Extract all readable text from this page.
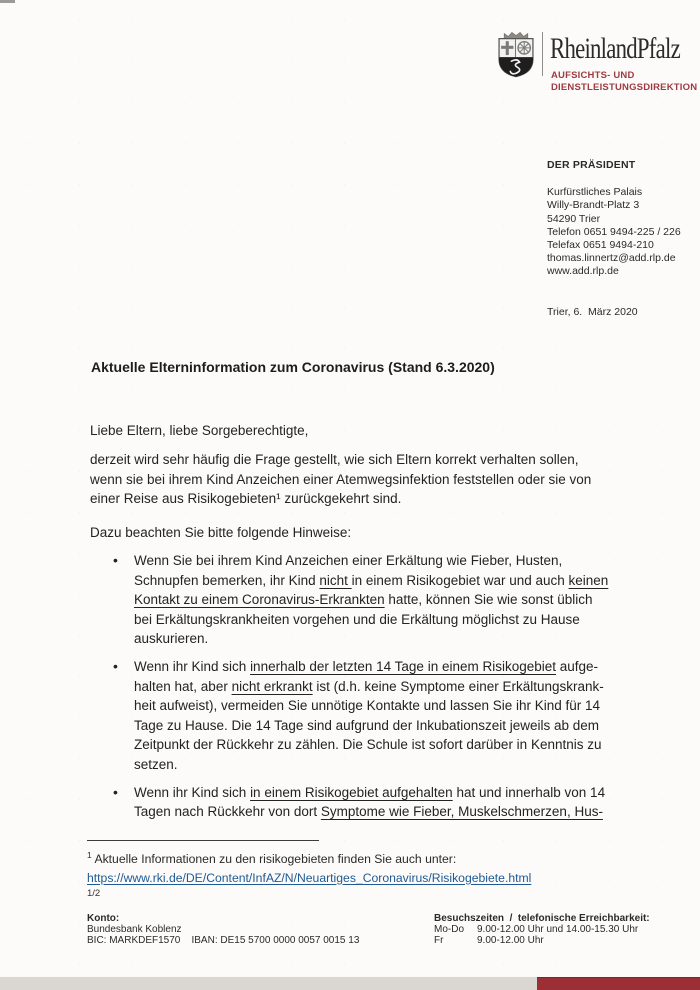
RheinlandPfalz
AUFSICHTS- UND
DIENSTLEISTUNGSDIREKTION
DER PRÄSIDENT
Kurfürstliches Palais
Willy-Brandt-Platz 3
54290 Trier
Telefon 0651 9494-225 / 226
Telefax 0651 9494-210
thomas.linnertz@add.rlp.de
www.add.rlp.de
Trier, 6.  März 2020
Aktuelle Elterninformation zum Coronavirus (Stand 6.3.2020)
Liebe Eltern, liebe Sorgeberechtigte,
derzeit wird sehr häufig die Frage gestellt, wie sich Eltern korrekt verhalten sollen,
wenn sie bei ihrem Kind Anzeichen einer Atemwegsinfektion feststellen oder sie von
einer Reise aus Risikogebieten¹ zurückgekehrt sind.
Dazu beachten Sie bitte folgende Hinweise:
• Wenn Sie bei ihrem Kind Anzeichen einer Erkältung wie Fieber, Husten,
Schnupfen bemerken, ihr Kind nicht in einem Risikogebiet war und auch keinen
Kontakt zu einem Coronavirus-Erkrankten hatte, können Sie wie sonst üblich
bei Erkältungskrankheiten vorgehen und die Erkältung möglichst zu Hause
auskurieren.
• Wenn ihr Kind sich innerhalb der letzten 14 Tage in einem Risikogebiet aufge-
halten hat, aber nicht erkrankt ist (d.h. keine Symptome einer Erkältungskrank-
heit aufweist), vermeiden Sie unnötige Kontakte und lassen Sie ihr Kind für 14
Tage zu Hause. Die 14 Tage sind aufgrund der Inkubationszeit jeweils ab dem
Zeitpunkt der Rückkehr zu zählen. Die Schule ist sofort darüber in Kenntnis zu
setzen.
• Wenn ihr Kind sich in einem Risikogebiet aufgehalten hat und innerhalb von 14
Tagen nach Rückkehr von dort Symptome wie Fieber, Muskelschmerzen, Hus-
$^1$ Aktuelle Informationen zu den risikogebieten finden Sie auch unter:
https://www.rki.de/DE/Content/InfAZ/N/Neuartiges_Coronavirus/Risikogebiete.html
1/2
Konto:
Bundesbank Koblenz
BIC: MARKDEF1570    IBAN: DE15 5700 0000 0057 0015 13
Besuchszeiten  /  telefonische Erreichbarkeit:
Mo-Do	9.00-12.00 Uhr und 14.00-15.30 Uhr
Fr	9.00-12.00 Uhr
